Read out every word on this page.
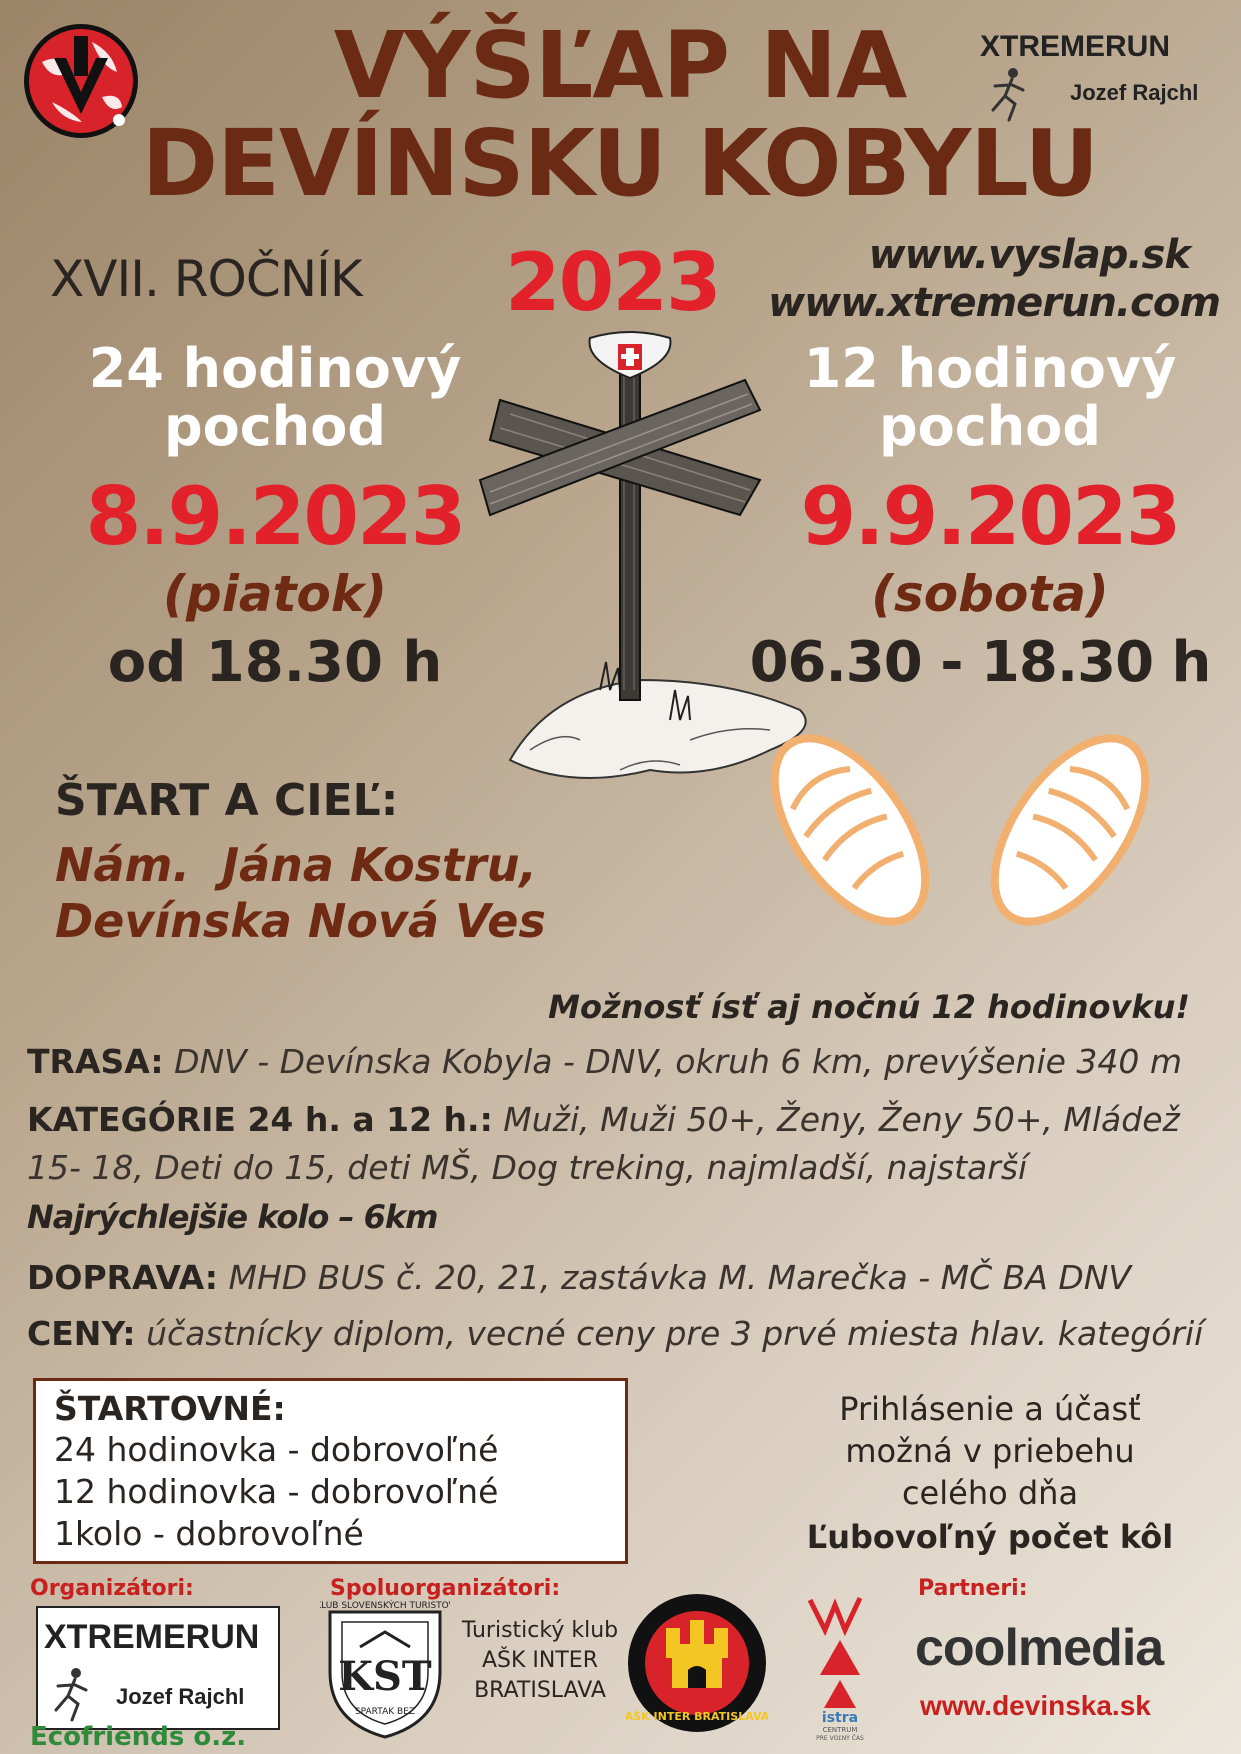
VÝŠĽAP NA
DEVÍNSKU KOBYLU
XTREMERUN
Jozef Rajchl
XVII. ROČNÍK 2023	www.vyslap.sk
www.xtremerun.com
24 hodinový
pochod
8.9.2023
(piatok)
od 18.30 h
12 hodinový
pochod
9.9.2023
(sobota)
06.30 - 18.30 h
ŠTART A CIEĽ:
Nám.  Jána Kostru,
Devínska Nová Ves
Možnosť ísť aj nočnú 12 hodinovku!
TRASA: DNV - Devínska Kobyla - DNV, okruh 6 km, prevýšenie 340 m
KATEGÓRIE 24 h. a 12 h.: Muži, Muži 50+, Ženy, Ženy 50+, Mládež
15- 18, Deti do 15, deti MŠ, Dog treking, najmladší, najstarší
Najrýchlejšie kolo – 6km
DOPRAVA: MHD BUS č. 20, 21, zastávka M. Marečka - MČ BA DNV
CENY: účastnícky diplom, vecné ceny pre 3 prvé miesta hlav. kategórií
ŠTARTOVNÉ:
24 hodinovka - dobrovoľné
12 hodinovka - dobrovoľné
1kolo - dobrovoľné
Prihlásenie a účasť
možná v priebehu
celého dňa
Ľubovoľný počet kôl
Organizátori:	Spoluorganizátori:	Partneri:
XTREMERUN
Jozef Rajchl
Ecofriends o.z.
KLUB SLOVENSKÝCH TURISTOV
KST
SPARTAK BEZ
Turistický klub
AŠK INTER
BRATISLAVA
AŠK INTER BRATISLAVA	istra
CENTRUM
PRE VOĽNÝ ČAS
coolmedia
www.devinska.sk
